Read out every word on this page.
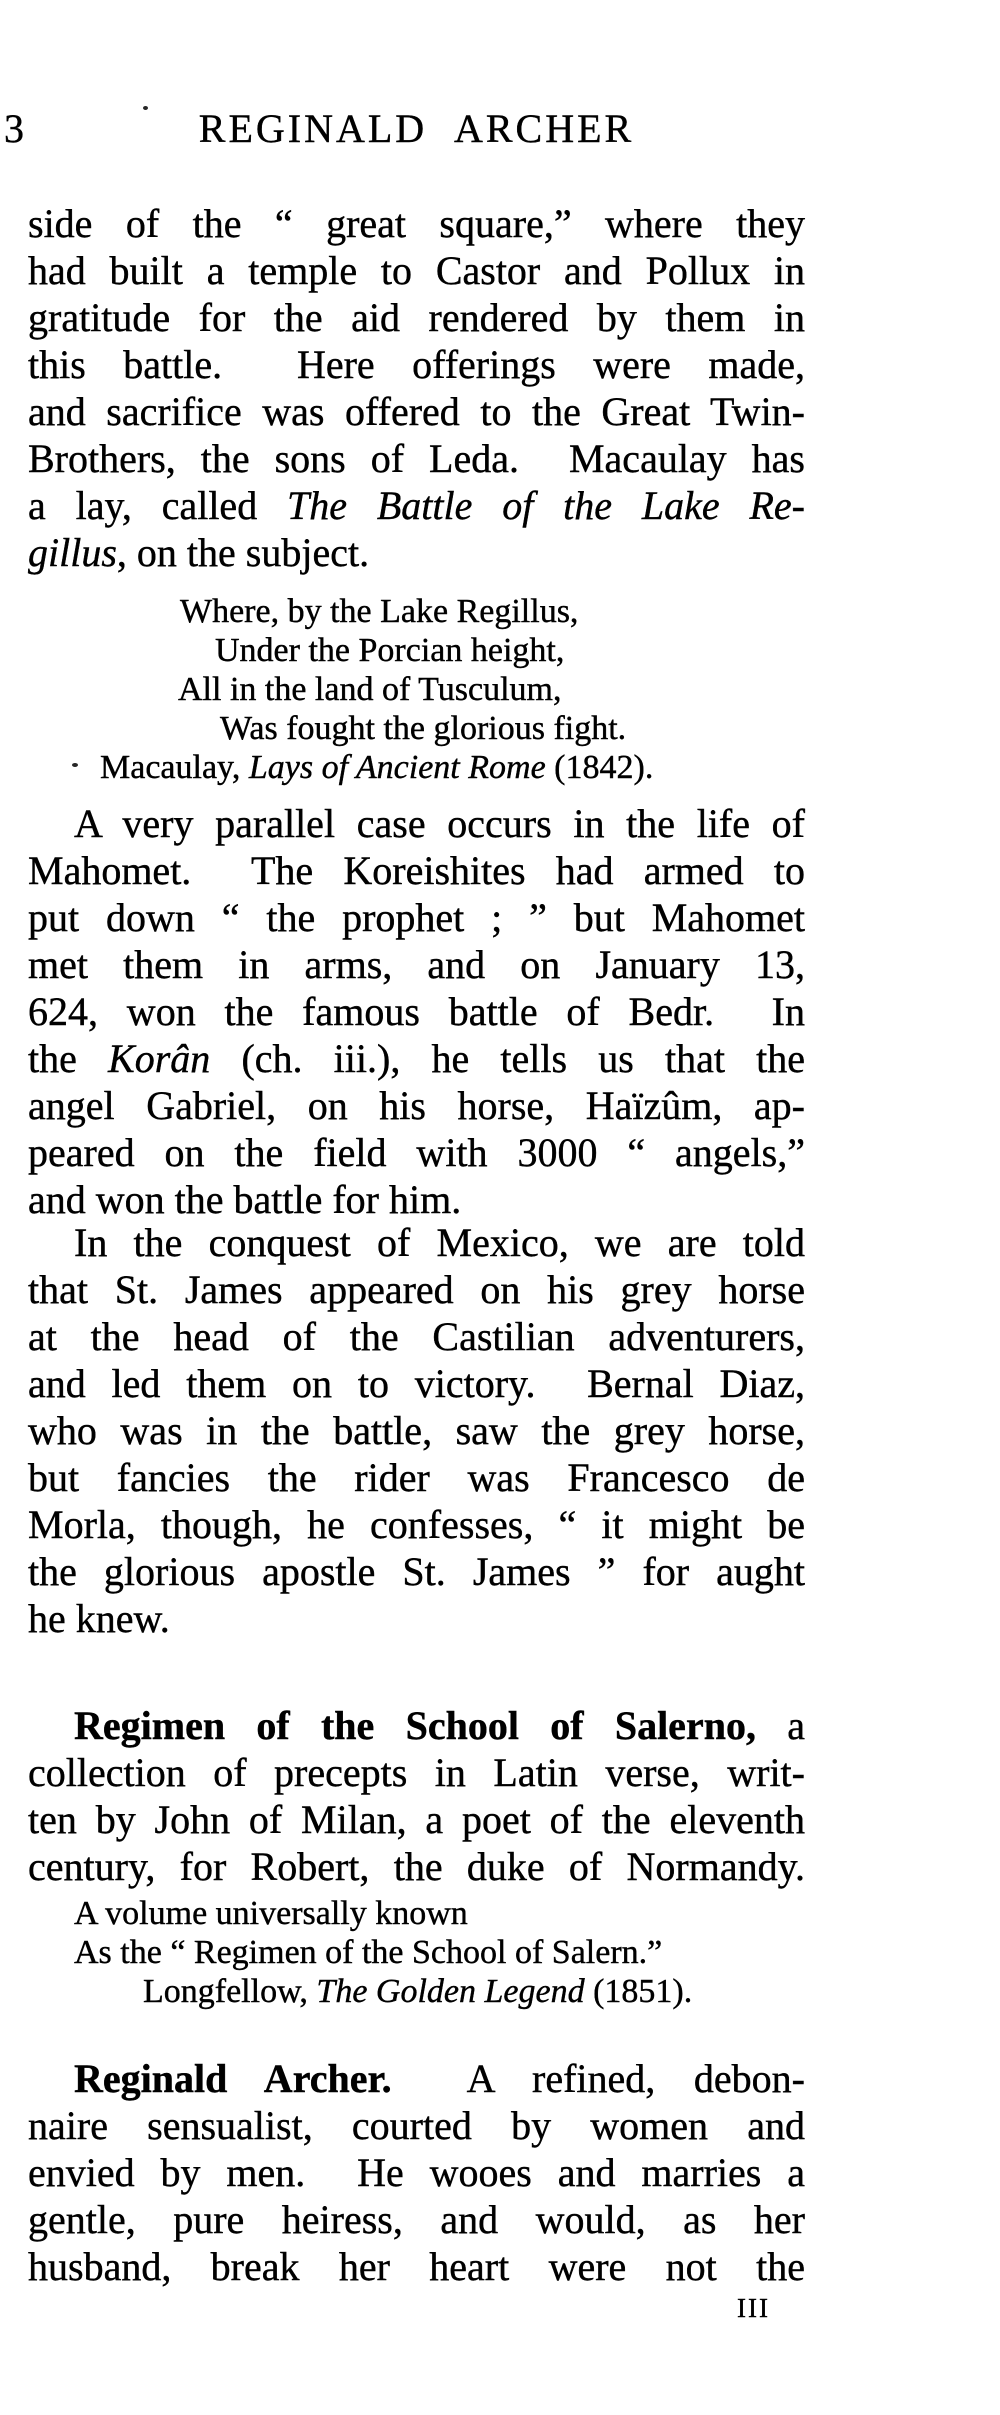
3	REGINALD ARCHER
side of the “ great square,” where they
had built a temple to Castor and Pollux in
gratitude for the aid rendered by them in
this battle.  Here offerings were made,
and sacrifice was offered to the Great Twin-
Brothers, the sons of Leda.  Macaulay has
a lay, called The Battle of the Lake Re-
gillus, on the subject.
Where, by the Lake Regillus,
Under the Porcian height,
All in the land of Tusculum,
Was fought the glorious fight.
Macaulay, Lays of Ancient Rome (1842).
A very parallel case occurs in the life of
Mahomet.  The Koreishites had armed to
put down “ the prophet ; ” but Mahomet
met them in arms, and on January 13,
624, won the famous battle of Bedr.  In
the Korân (ch. iii.), he tells us that the
angel Gabriel, on his horse, Haïzûm, ap-
peared on the field with 3000 “ angels,”
and won the battle for him.
In the conquest of Mexico, we are told
that St. James appeared on his grey horse
at the head of the Castilian adventurers,
and led them on to victory.  Bernal Diaz,
who was in the battle, saw the grey horse,
but fancies the rider was Francesco de
Morla, though, he confesses, “ it might be
the glorious apostle St. James ” for aught
he knew.
Regimen of the School of Salerno, a
collection of precepts in Latin verse, writ-
ten by John of Milan, a poet of the eleventh
century, for Robert, the duke of Normandy.
A volume universally known
As the “ Regimen of the School of Salern.”
Longfellow, The Golden Legend (1851).
Reginald Archer.  A refined, debon-
naire sensualist, courted by women and
envied by men.  He wooes and marries a
gentle, pure heiress, and would, as her
husband, break her heart were not the
III
